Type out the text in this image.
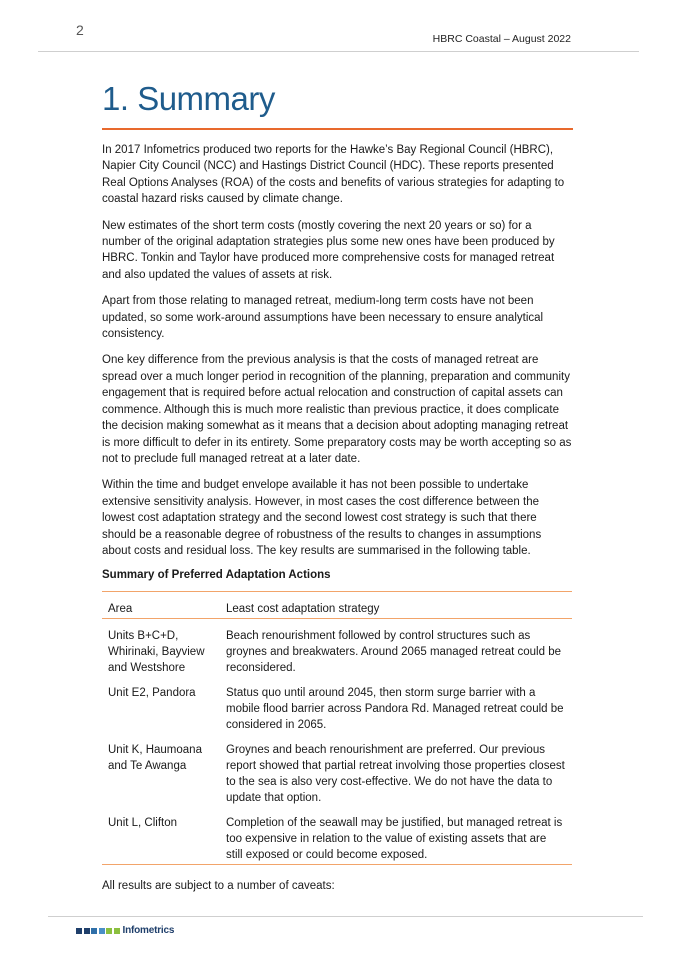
2
HBRC Coastal – August 2022
1. Summary

In 2017 Infometrics produced two reports for the Hawke’s Bay Regional Council (HBRC), Napier City Council (NCC) and Hastings District Council (HDC). These reports presented Real Options Analyses (ROA) of the costs and benefits of various strategies for adapting to coastal hazard risks caused by climate change.

New estimates of the short term costs (mostly covering the next 20 years or so) for a number of the original adaptation strategies plus some new ones have been produced by HBRC. Tonkin and Taylor have produced more comprehensive costs for managed retreat and also updated the values of assets at risk.

Apart from those relating to managed retreat, medium-long term costs have not been updated, so some work-around assumptions have been necessary to ensure analytical consistency.

One key difference from the previous analysis is that the costs of managed retreat are spread over a much longer period in recognition of the planning, preparation and community engagement that is required before actual relocation and construction of capital assets can commence. Although this is much more realistic than previous practice, it does complicate the decision making somewhat as it means that a decision about adopting managing retreat is more difficult to defer in its entirety. Some preparatory costs may be worth accepting so as not to preclude full managed retreat at a later date.

Within the time and budget envelope available it has not been possible to undertake extensive sensitivity analysis. However, in most cases the cost difference between the lowest cost adaptation strategy and the second lowest cost strategy is such that there should be a reasonable degree of robustness of the results to changes in assumptions about costs and residual loss. The key results are summarised in the following table.

Summary of Preferred Adaptation Actions
Area	Least cost adaptation strategy
Units B+C+D, Whirinaki, Bayview and Westshore	Beach renourishment followed by control structures such as groynes and breakwaters. Around 2065 managed retreat could be reconsidered.
Unit E2, Pandora	Status quo until around 2045, then storm surge barrier with a mobile flood barrier across Pandora Rd. Managed retreat could be considered in 2065.
Unit K, Haumoana and Te Awanga	Groynes and beach renourishment are preferred. Our previous report showed that partial retreat involving those properties closest to the sea is also very cost-effective. We do not have the data to update that option.
Unit L, Clifton	Completion of the seawall may be justified, but managed retreat is too expensive in relation to the value of existing assets that are still exposed or could become exposed.

All results are subject to a number of caveats:

Infometrics
